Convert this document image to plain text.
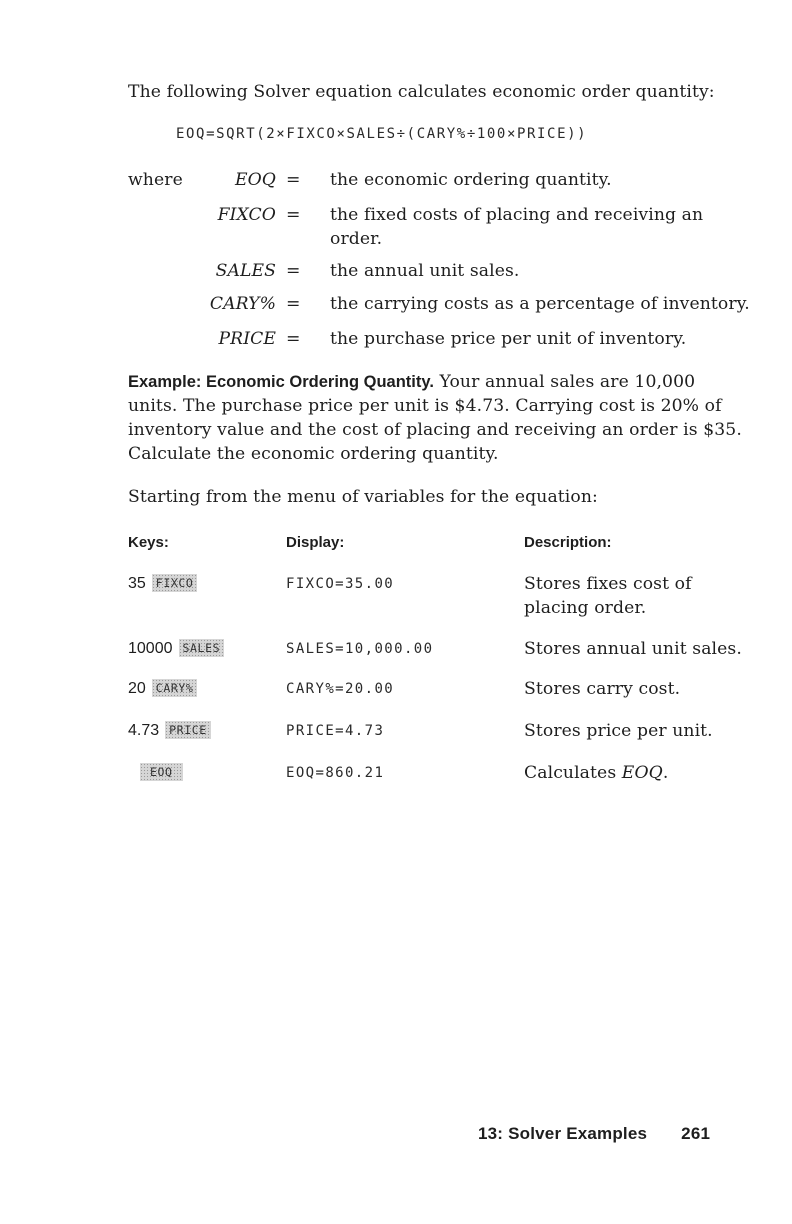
The following Solver equation calculates economic order quantity:
EOQ=SQRT(2×FIXCO×SALES÷(CARY%÷100×PRICE))
where	EOQ = the economic ordering quantity.
FIXCO = the fixed costs of placing and receiving an order.
SALES = the annual unit sales.
CARY% = the carrying costs as a percentage of inventory.
PRICE = the purchase price per unit of inventory.
Example: Economic Ordering Quantity. Your annual sales are 10,000 units. The purchase price per unit is $4.73. Carrying cost is 20% of inventory value and the cost of placing and receiving an order is $35. Calculate the economic ordering quantity.
Starting from the menu of variables for the equation:
Keys:	Display:	Description:
35 FIXCO	FIXCO=35.00	Stores fixes cost of placing order.
10000 SALES	SALES=10,000.00	Stores annual unit sales.
20 CARY%	CARY%=20.00	Stores carry cost.
4.73 PRICE	PRICE=4.73	Stores price per unit.
EOQ	EOQ=860.21	Calculates EOQ.
13: Solver Examples 261
